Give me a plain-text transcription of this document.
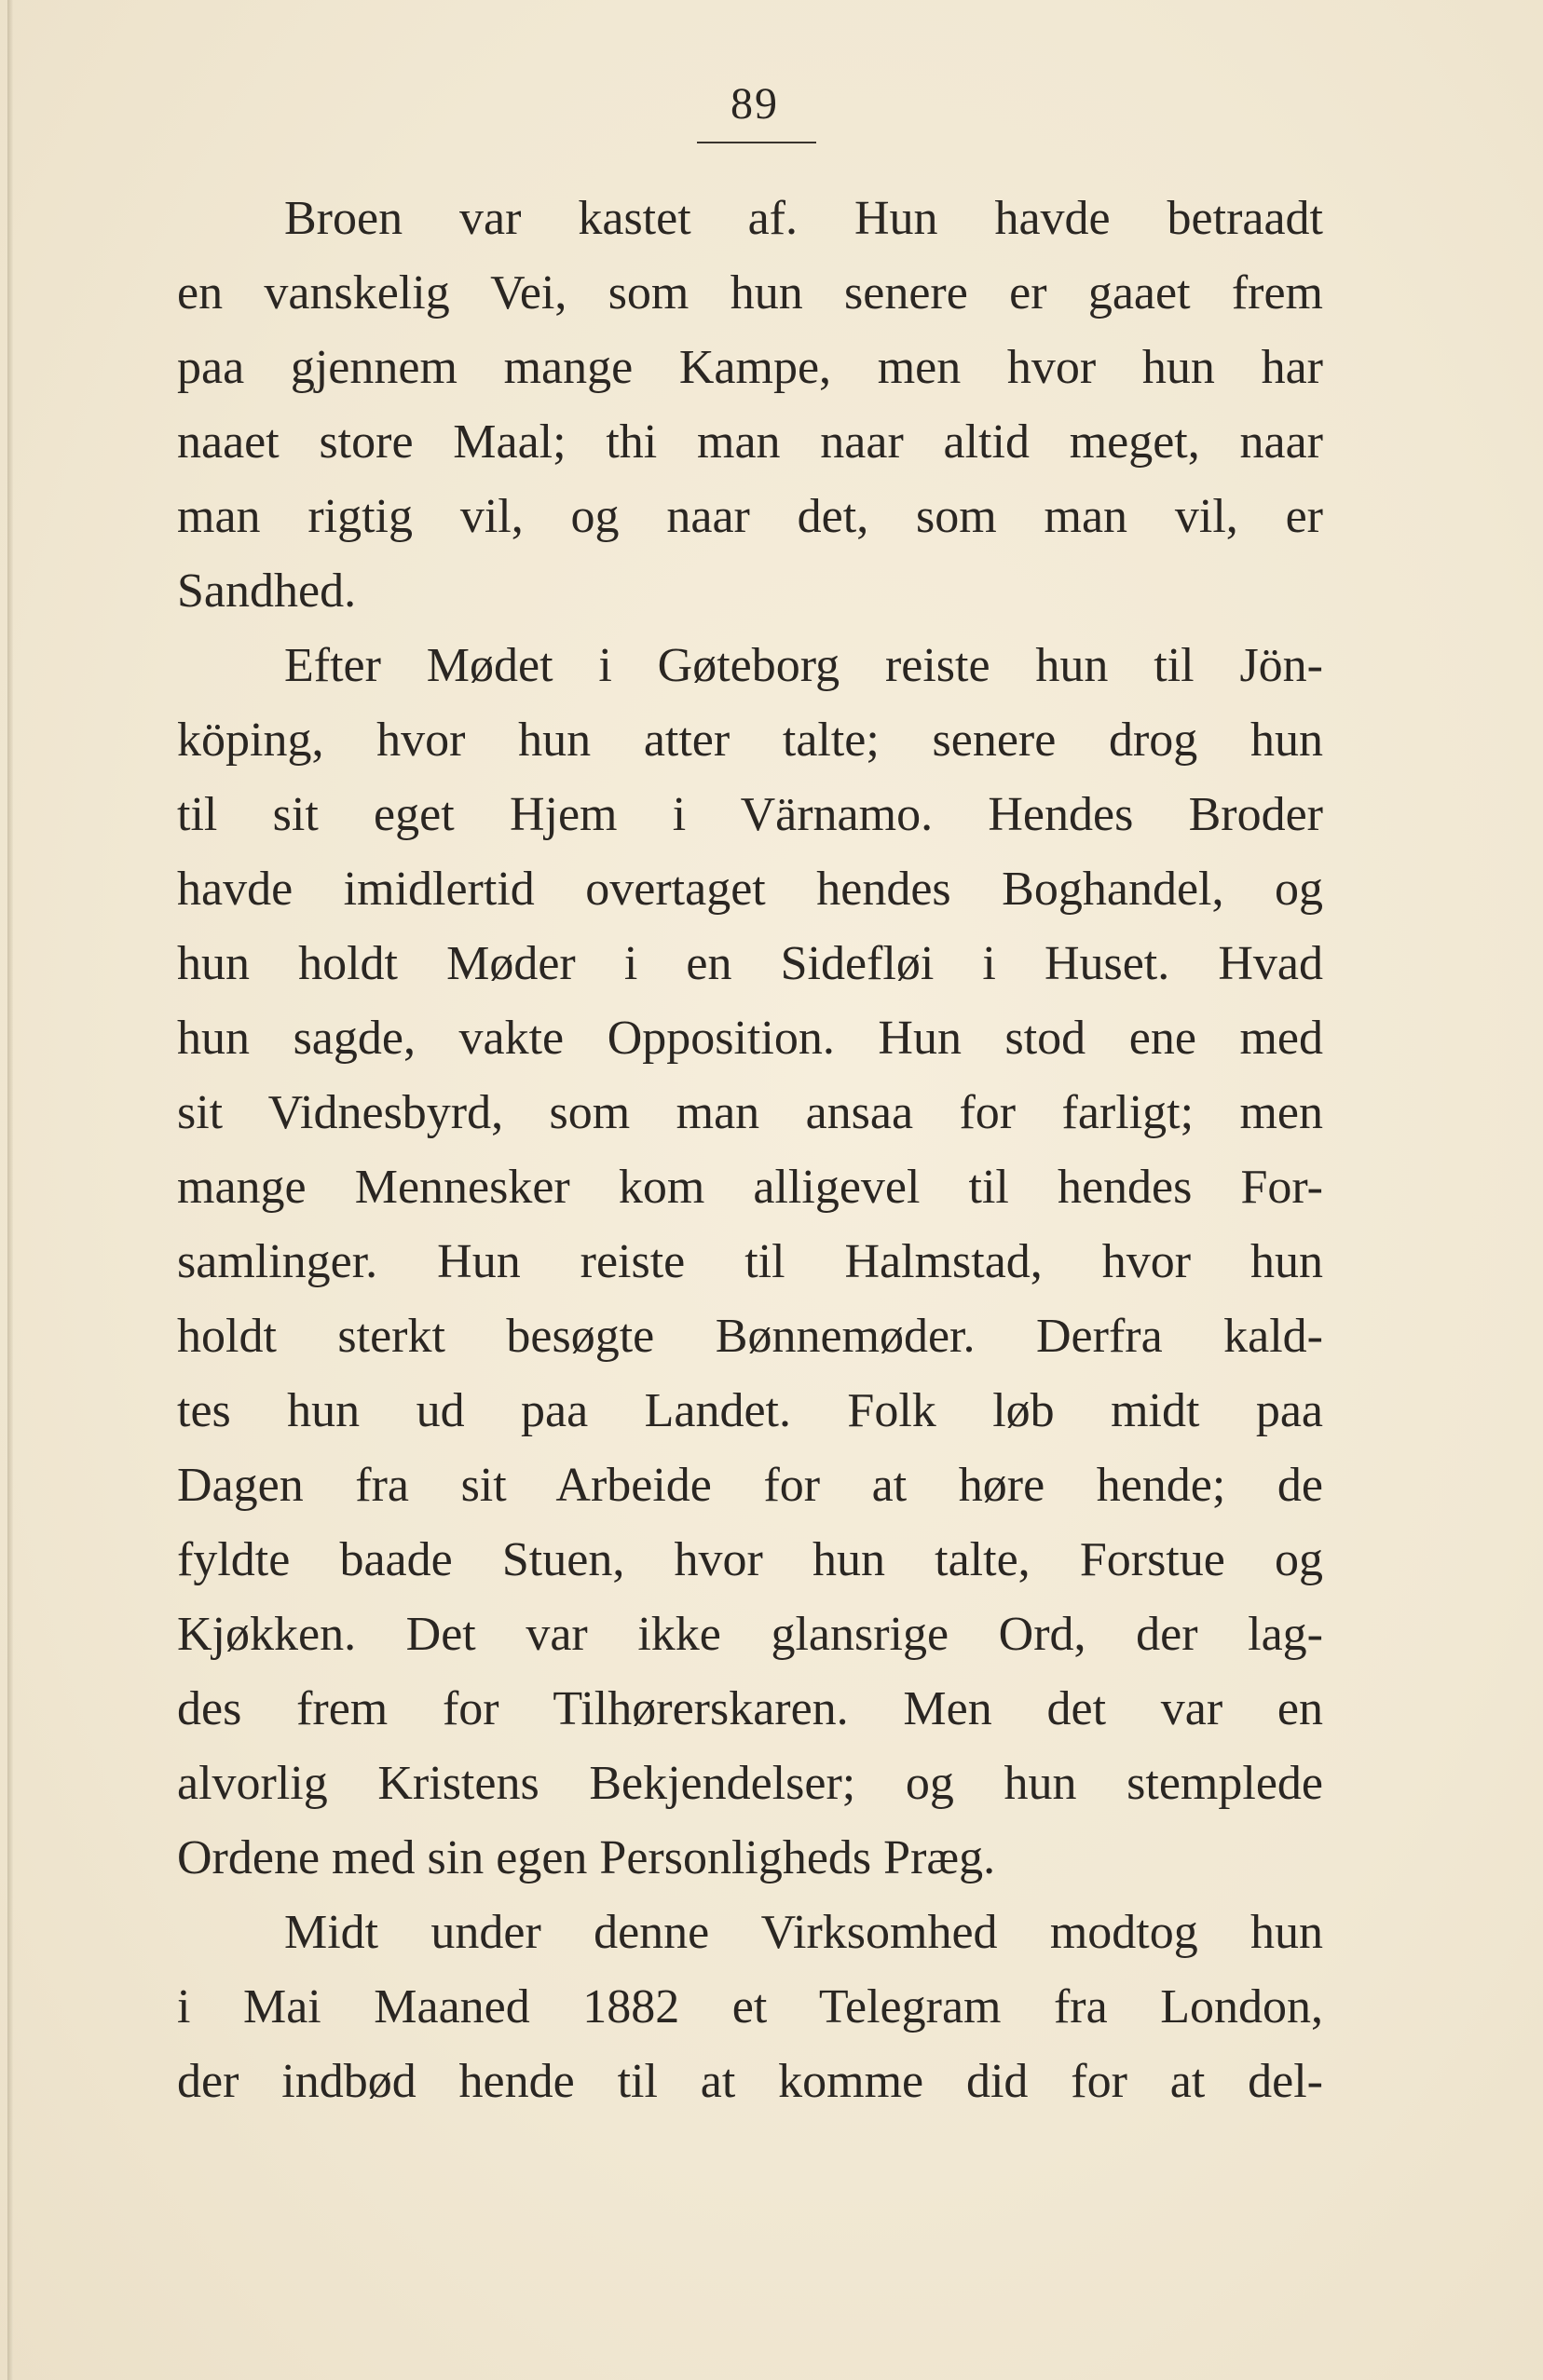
89
Broen var kastet af. Hun havde betraadt
en vanskelig Vei, som hun senere er gaaet frem
paa gjennem mange Kampe, men hvor hun har
naaet store Maal; thi man naar altid meget, naar
man rigtig vil, og naar det, som man vil, er
Sandhed.
Efter Mødet i Gøteborg reiste hun til Jön-
köping, hvor hun atter talte; senere drog hun
til sit eget Hjem i Värnamo. Hendes Broder
havde imidlertid overtaget hendes Boghandel, og
hun holdt Møder i en Sidefløi i Huset. Hvad
hun sagde, vakte Opposition. Hun stod ene med
sit Vidnesbyrd, som man ansaa for farligt; men
mange Mennesker kom alligevel til hendes For-
samlinger. Hun reiste til Halmstad, hvor hun
holdt sterkt besøgte Bønnemøder. Derfra kald-
tes hun ud paa Landet. Folk løb midt paa
Dagen fra sit Arbeide for at høre hende; de
fyldte baade Stuen, hvor hun talte, Forstue og
Kjøkken. Det var ikke glansrige Ord, der lag-
des frem for Tilhørerskaren. Men det var en
alvorlig Kristens Bekjendelser; og hun stemplede
Ordene med sin egen Personligheds Præg.
Midt under denne Virksomhed modtog hun
i Mai Maaned 1882 et Telegram fra London,
der indbød hende til at komme did for at del-
